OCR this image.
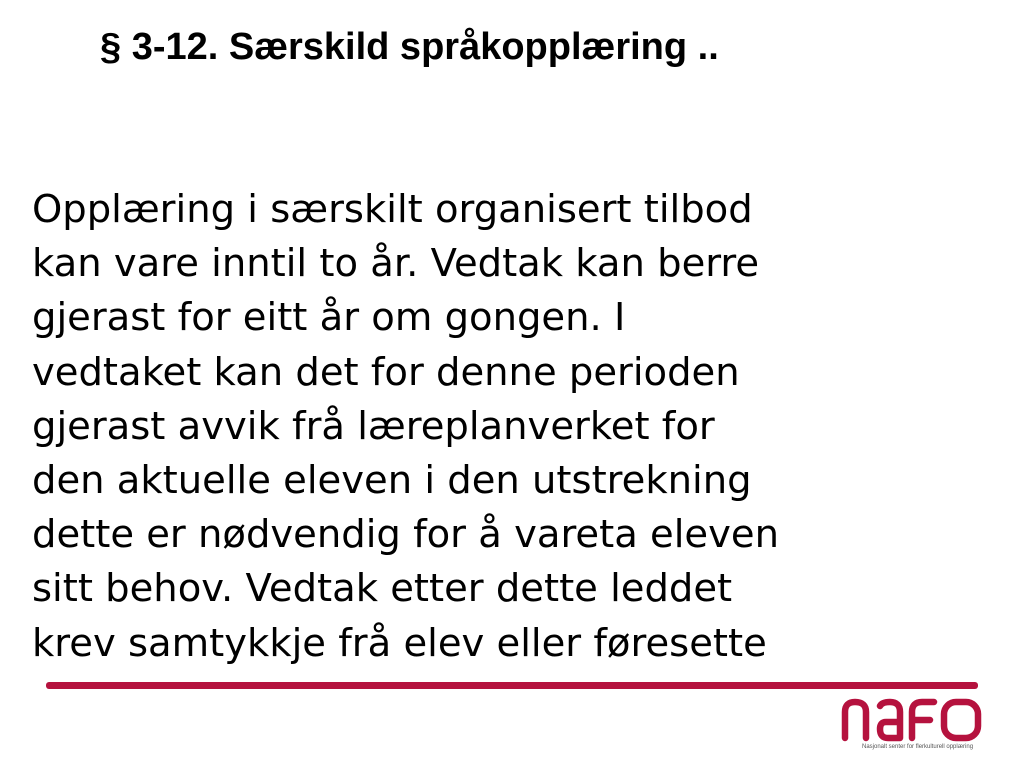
§ 3-12. Særskild språkopplæring ..

Opplæring i særskilt organisert tilbod
kan vare inntil to år. Vedtak kan berre
gjerast for eitt år om gongen. I
vedtaket kan det for denne perioden
gjerast avvik frå læreplanverket for
den aktuelle eleven i den utstrekning
dette er nødvendig for å vareta eleven
sitt behov. Vedtak etter dette leddet
krev samtykkje frå elev eller føresette

Nasjonalt senter for flerkulturell opplæring
